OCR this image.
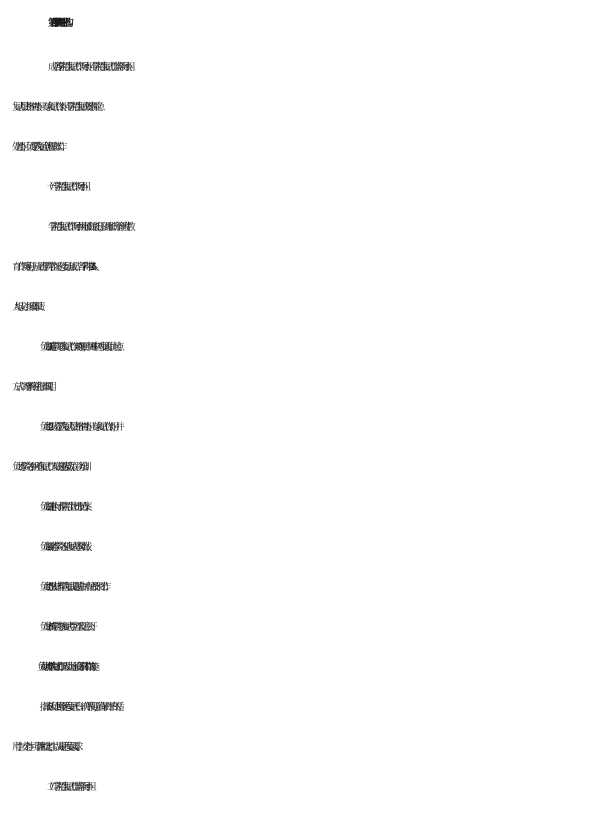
第四条 学院组织机构
成立各学院招生复试工作领导小组、学院招生复试工作监督领导小组、
复试人员资格审查小组、专家复试工作小组、学院招生复试突发事件应急
处置小组，负责学院复试全流程具体工作。
（一）学院招生复试工作领导小组
学院招生复试工作领导小组组长由院长担任，副组长由分管研究生教
育工作领导担任，成员由学院学位评定分委员会成员、各学科带头人 3—5
人组成。小组具体职责：
1. 负责制定学院具体复试工作实施细则，细则中应对复试时间、地点、
方式、调剂条件等进行详细说明；
2. 负责组织成立学院复试人员资格审查小组、专家复试工作小组，并
负责本学院各小组所有复试工作人员的遴选及政策、业务培训；
3. 负责制定执行本学院招生计划分配方案；
4. 负责制定本学院各专业复试基本分数线；
5. 负责组织安排本学院复试试题的命制、保密及评阅工作；
6. 负责审核学院参加复试考生名单及信息公开；
7. 负责协调本学院复试工作所需人员、场地、设备等具体工作的实施；
8. 指派专人负责网络远程复试平台、软件等问题，确保软件平台的适
用性、安全性、可靠性和稳定性，以满足远程复试要求。
（二）学院招生复试工作监督领导小组
